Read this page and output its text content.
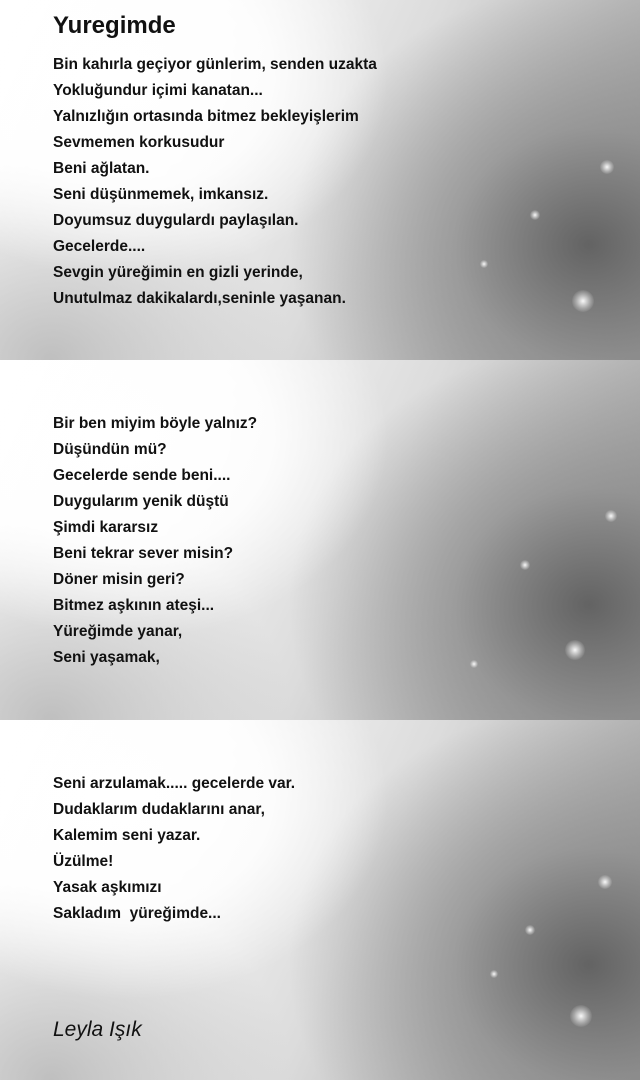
Yuregimde
Bin kahırla geçiyor günlerim, senden uzakta
Yokluğundur içimi kanatan...
Yalnızlığın ortasında bitmez bekleyişlerim
Sevmemen korkusudur
Beni ağlatan.
Seni düşünmemek, imkansız.
Doyumsuz duygulardı paylaşılan.
Gecelerde....
Sevgin yüreğimin en gizli yerinde,
Unutulmaz dakikalardı,seninle yaşanan.
Bir ben miyim böyle yalnız?
Düşündün mü?
Gecelerde sende beni....
Duygularım yenik düştü
Şimdi kararsız
Beni tekrar sever misin?
Döner misin geri?
Bitmez aşkının ateşi...
Yüreğimde yanar,
Seni yaşamak,
Seni arzulamak..... gecelerde var.
Dudaklarım dudaklarını anar,
Kalemim seni yazar.
Üzülme!
Yasak aşkımızı
Sakladım  yüreğimde...
Leyla Işık
